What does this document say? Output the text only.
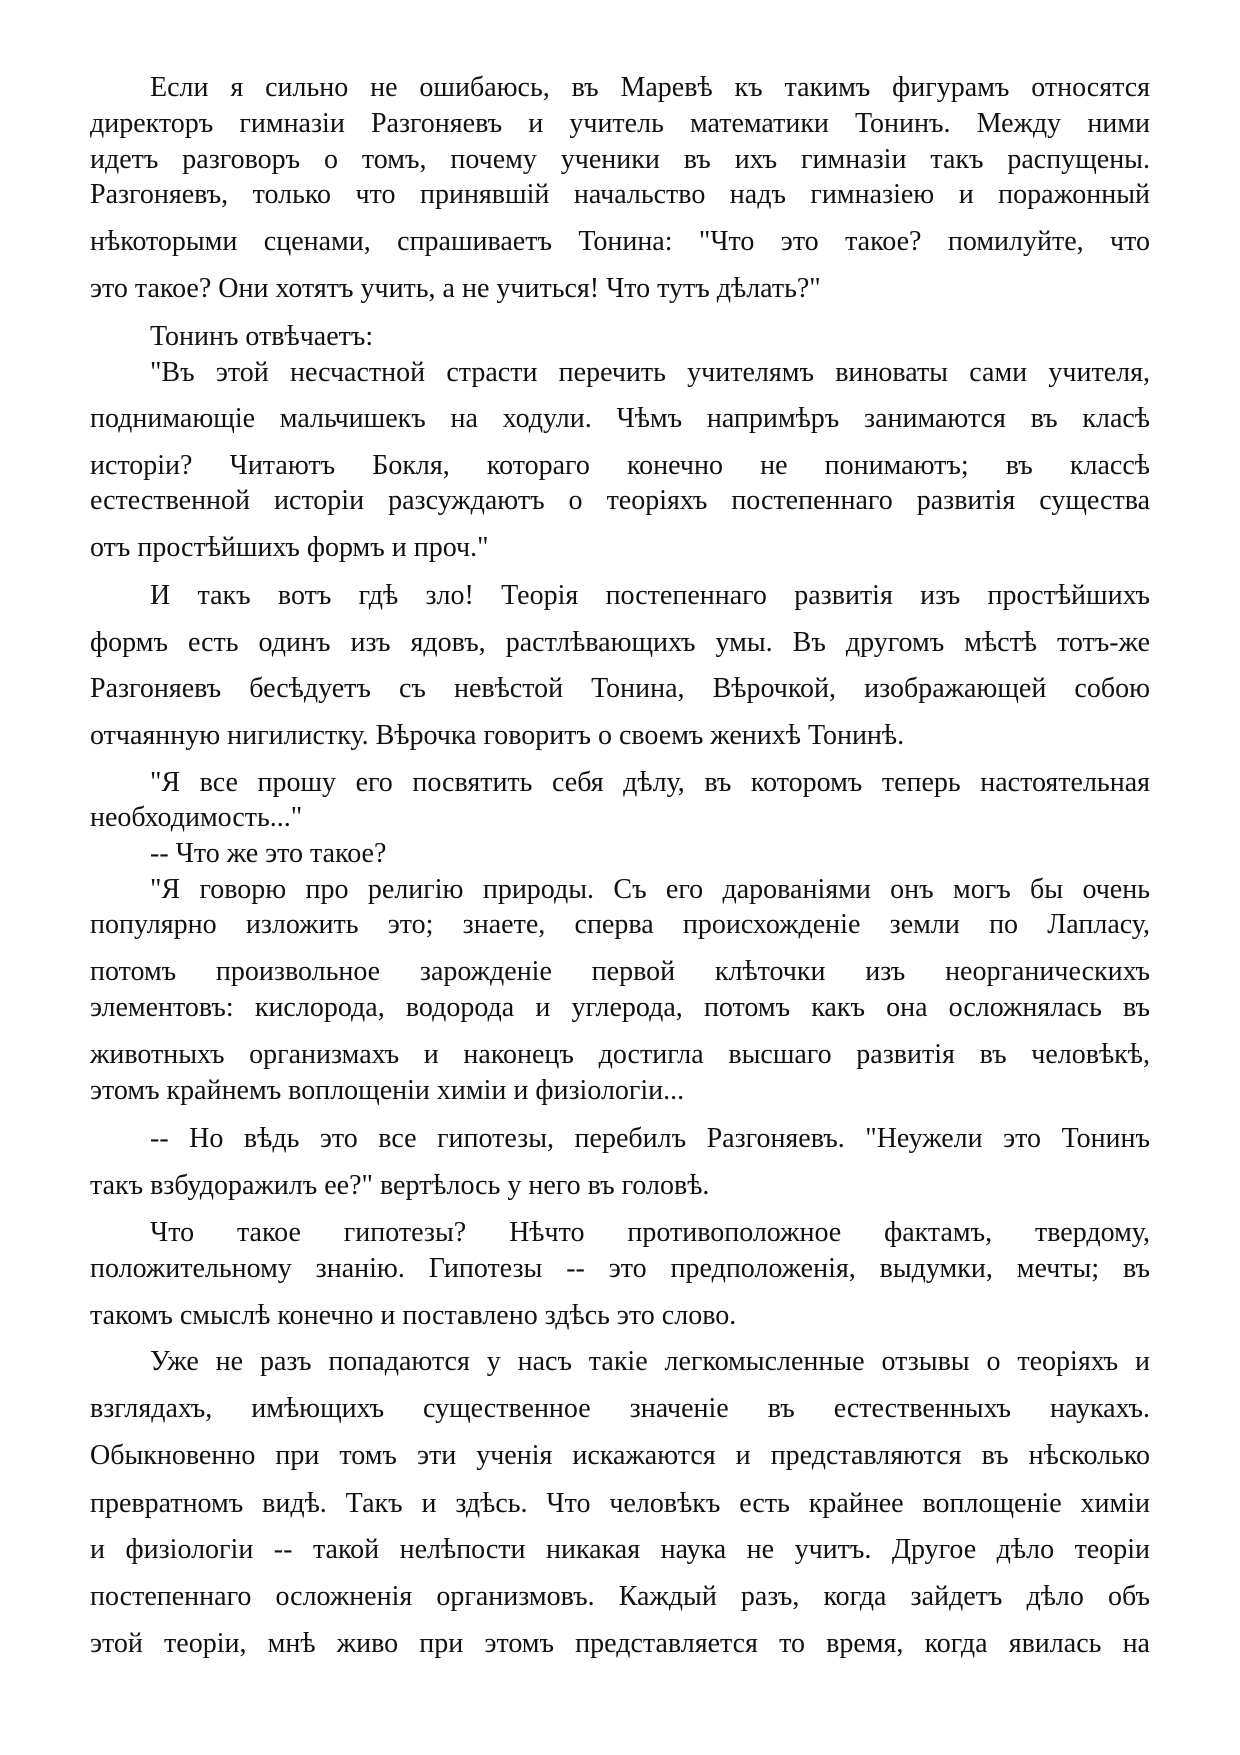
Если я сильно не ошибаюсь, въ Маревѣ къ такимъ фигурамъ относятся
директоръ гимназіи Разгоняевъ и учитель математики Тонинъ. Между ними
идетъ разговоръ о томъ, почему ученики въ ихъ гимназіи такъ распущены.
Разгоняевъ, только что принявшій начальство надъ гимназіею и поражонный
нѣкоторыми сценами, спрашиваетъ Тонина: "Что это такое? помилуйте, что
это такое? Они хотятъ учить, а не учиться! Что тутъ дѣлать?"
Тонинъ отвѣчаетъ:
"Въ этой несчастной страсти перечить учителямъ виноваты сами учителя,
поднимающіе мальчишекъ на ходули. Чѣмъ напримѣръ занимаются въ класѣ
исторіи? Читаютъ Бокля, котораго конечно не понимаютъ; въ классѣ
естественной исторіи разсуждаютъ о теоріяхъ постепеннаго развитія существа
отъ простѣйшихъ формъ и проч."
И такъ вотъ гдѣ зло! Теорія постепеннаго развитія изъ простѣйшихъ
формъ есть одинъ изъ ядовъ, растлѣвающихъ умы. Въ другомъ мѣстѣ тотъ-же
Разгоняевъ бесѣдуетъ съ невѣстой Тонина, Вѣрочкой, изображающей собою
отчаянную нигилистку. Вѣрочка говоритъ о своемъ женихѣ Тонинѣ.
"Я все прошу его посвятить себя дѣлу, въ которомъ теперь настоятельная
необходимость..."
-- Что же это такое?
"Я говорю про религію природы. Съ его дарованіями онъ могъ бы очень
популярно изложить это; знаете, сперва происхожденіе земли по Лапласу,
потомъ произвольное зарожденіе первой клѣточки изъ неорганическихъ
элементовъ: кислорода, водорода и углерода, потомъ какъ она осложнялась въ
животныхъ организмахъ и наконецъ достигла высшаго развитія въ человѣкѣ,
этомъ крайнемъ воплощеніи химіи и физіологіи...
-- Но вѣдь это все гипотезы, перебилъ Разгоняевъ. "Неужели это Тонинъ
такъ взбудоражилъ ее?" вертѣлось у него въ головѣ.
Что такое гипотезы? Нѣчто противоположное фактамъ, твердому,
положительному знанію. Гипотезы -- это предположенія, выдумки, мечты; въ
такомъ смыслѣ конечно и поставлено здѣсь это слово.
Уже не разъ попадаются у насъ такіе легкомысленные отзывы о теоріяхъ и
взглядахъ, имѣющихъ существенное значеніе въ естественныхъ наукахъ.
Обыкновенно при томъ эти ученія искажаются и представляются въ нѣсколько
превратномъ видѣ. Такъ и здѣсь. Что человѣкъ есть крайнее воплощеніе химіи
и физіологіи -- такой нелѣпости никакая наука не учитъ. Другое дѣло теоріи
постепеннаго осложненія организмовъ. Каждый разъ, когда зайдетъ дѣло объ
этой теоріи, мнѣ живо при этомъ представляется то время, когда явилась на
